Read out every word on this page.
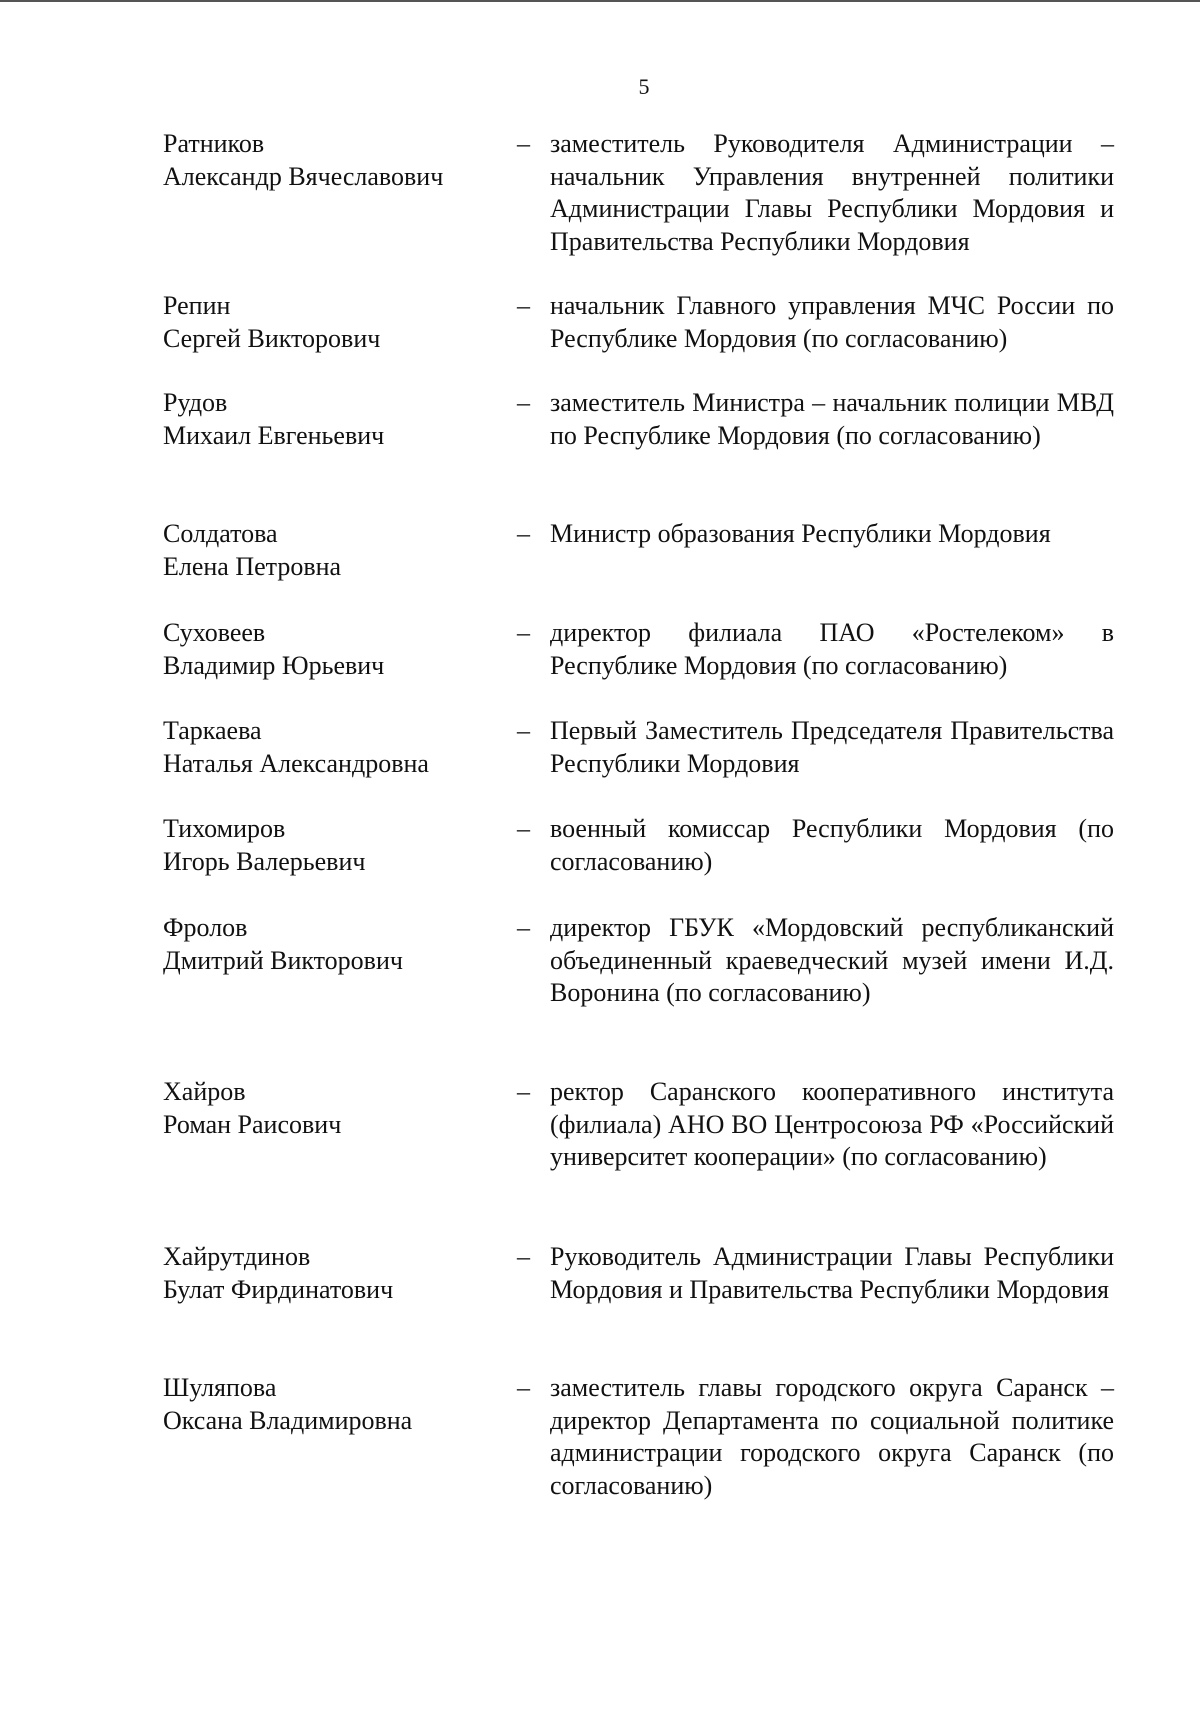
5
Ратников
Александр Вячеславович
– заместитель Руководителя Администрации – начальник Управления внутренней политики Администрации Главы Республики Мордовия и Правительства Республики Мордовия

Репин
Сергей Викторович
– начальник Главного управления МЧС России по Республике Мордовия (по согласованию)

Рудов
Михаил Евгеньевич
– заместитель Министра – начальник полиции МВД по Республике Мордовия (по согласованию)

Солдатова
Елена Петровна
– Министр образования Республики Мордовия

Суховеев
Владимир Юрьевич
– директор филиала ПАО «Ростелеком» в Республике Мордовия (по согласованию)

Таркаева
Наталья Александровна
– Первый Заместитель Председателя Правительства Республики Мордовия

Тихомиров
Игорь Валерьевич
– военный комиссар Республики Мордовия (по согласованию)

Фролов
Дмитрий Викторович
– директор ГБУК «Мордовский республиканский объединенный краеведческий музей имени И.Д. Воронина (по согласованию)

Хайров
Роман Раисович
– ректор Саранского кооперативного института (филиала) АНО ВО Центросоюза РФ «Российский университет кооперации» (по согласованию)

Хайрутдинов
Булат Фирдинатович
– Руководитель Администрации Главы Республики Мордовия и Правительства Республики Мордовия

Шуляпова
Оксана Владимировна
– заместитель главы городского округа Саранск – директор Департамента по социальной политике администрации городского округа Саранск (по согласованию)
